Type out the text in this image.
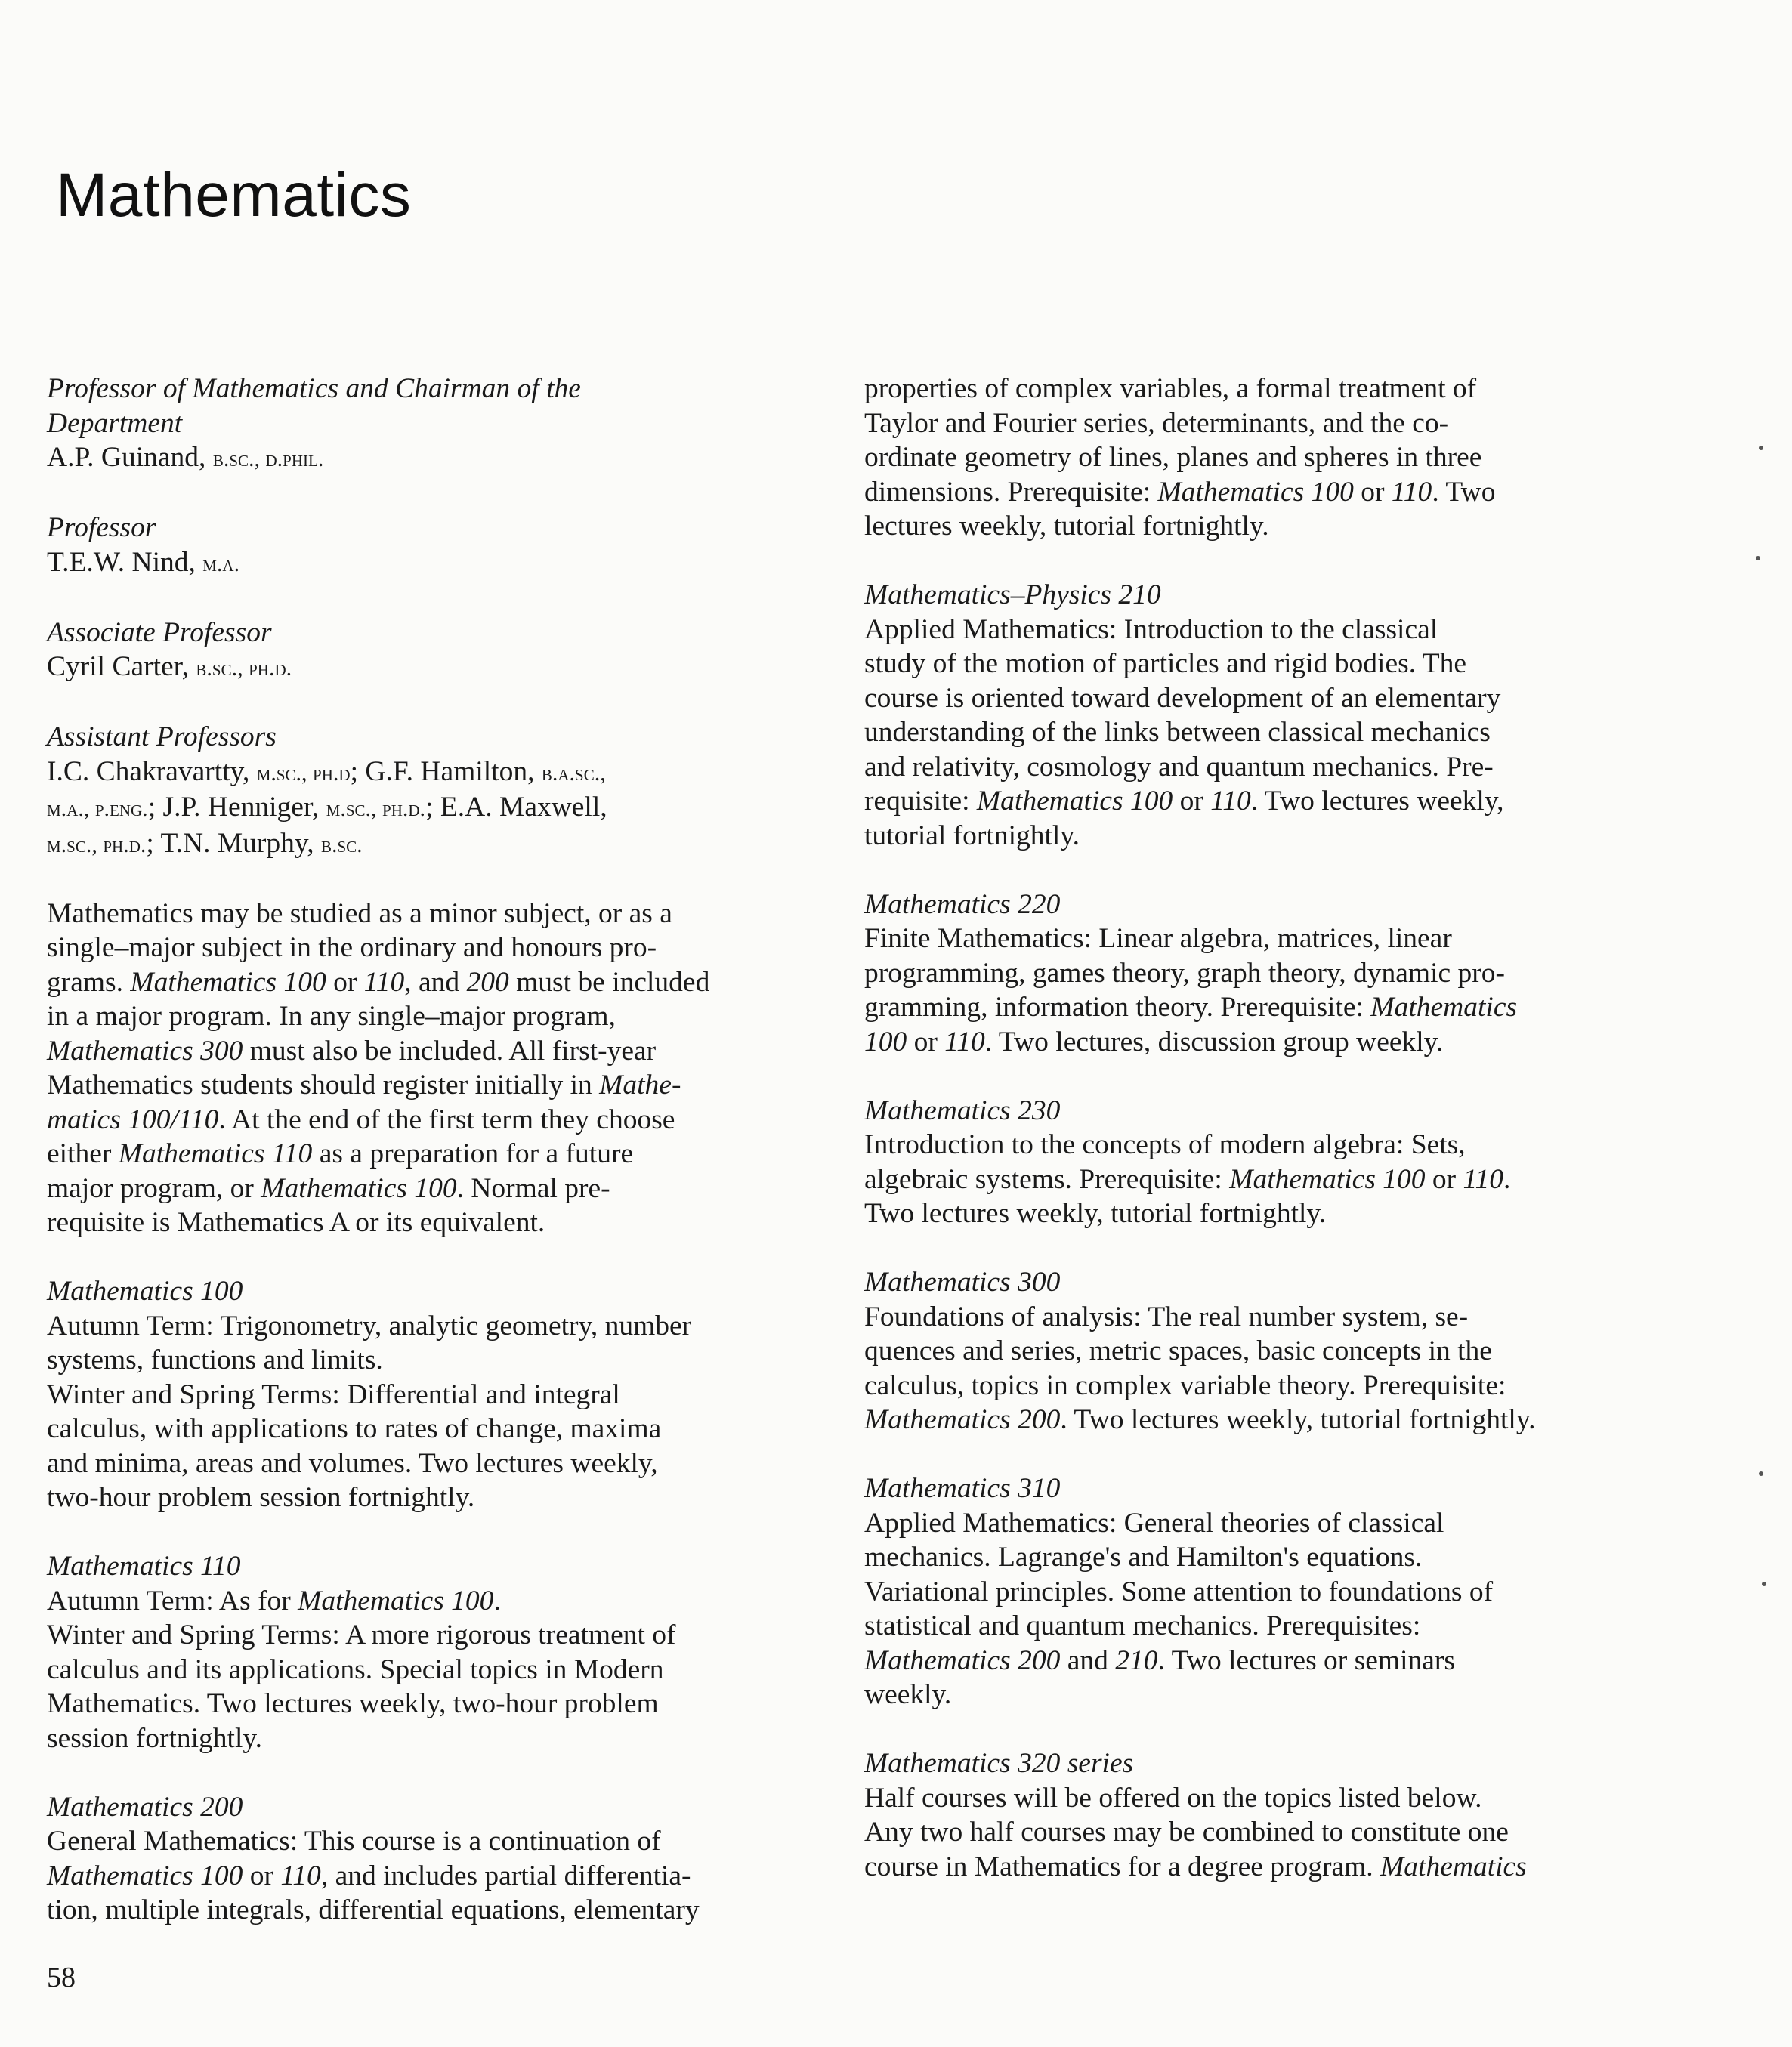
Mathematics

Professor of Mathematics and Chairman of the
Department

A.P. Guinand, b.sc., d.phil.

Professor

T.E.W. Nind, m.a.

Associate Professor

Cyril Carter, b.sc., ph.d.

Assistant Professors

I.C. Chakravartty, m.sc., ph.d; G.F. Hamilton, b.a.sc.,
m.a., p.eng.; J.P. Henniger, m.sc., ph.d.; E.A. Maxwell,
m.sc., ph.d.; T.N. Murphy, b.sc.

Mathematics may be studied as a minor subject, or as a
single–major subject in the ordinary and honours pro-
grams. Mathematics 100 or 110, and 200 must be included
in a major program. In any single–major program,
Mathematics 300 must also be included. All first-year
Mathematics students should register initially in Mathe-
matics 100/110. At the end of the first term they choose
either Mathematics 110 as a preparation for a future
major program, or Mathematics 100. Normal pre-
requisite is Mathematics A or its equivalent.

Mathematics 100

Autumn Term: Trigonometry, analytic geometry, number
systems, functions and limits.
Winter and Spring Terms: Differential and integral
calculus, with applications to rates of change, maxima
and minima, areas and volumes. Two lectures weekly,
two-hour problem session fortnightly.

Mathematics 110

Autumn Term: As for Mathematics 100.
Winter and Spring Terms: A more rigorous treatment of
calculus and its applications. Special topics in Modern
Mathematics. Two lectures weekly, two-hour problem
session fortnightly.

Mathematics 200

General Mathematics: This course is a continuation of
Mathematics 100 or 110, and includes partial differentia-
tion, multiple integrals, differential equations, elementary

properties of complex variables, a formal treatment of
Taylor and Fourier series, determinants, and the co-
ordinate geometry of lines, planes and spheres in three
dimensions. Prerequisite: Mathematics 100 or 110. Two
lectures weekly, tutorial fortnightly.

Mathematics–Physics 210

Applied Mathematics: Introduction to the classical
study of the motion of particles and rigid bodies. The
course is oriented toward development of an elementary
understanding of the links between classical mechanics
and relativity, cosmology and quantum mechanics. Pre-
requisite: Mathematics 100 or 110. Two lectures weekly,
tutorial fortnightly.

Mathematics 220

Finite Mathematics: Linear algebra, matrices, linear
programming, games theory, graph theory, dynamic pro-
gramming, information theory. Prerequisite: Mathematics
100 or 110. Two lectures, discussion group weekly.

Mathematics 230

Introduction to the concepts of modern algebra: Sets,
algebraic systems. Prerequisite: Mathematics 100 or 110.
Two lectures weekly, tutorial fortnightly.

Mathematics 300

Foundations of analysis: The real number system, se-
quences and series, metric spaces, basic concepts in the
calculus, topics in complex variable theory. Prerequisite:
Mathematics 200. Two lectures weekly, tutorial fortnightly.

Mathematics 310

Applied Mathematics: General theories of classical
mechanics. Lagrange's and Hamilton's equations.
Variational principles. Some attention to foundations of
statistical and quantum mechanics. Prerequisites:
Mathematics 200 and 210. Two lectures or seminars
weekly.

Mathematics 320 series

Half courses will be offered on the topics listed below.
Any two half courses may be combined to constitute one
course in Mathematics for a degree program. Mathematics

58
